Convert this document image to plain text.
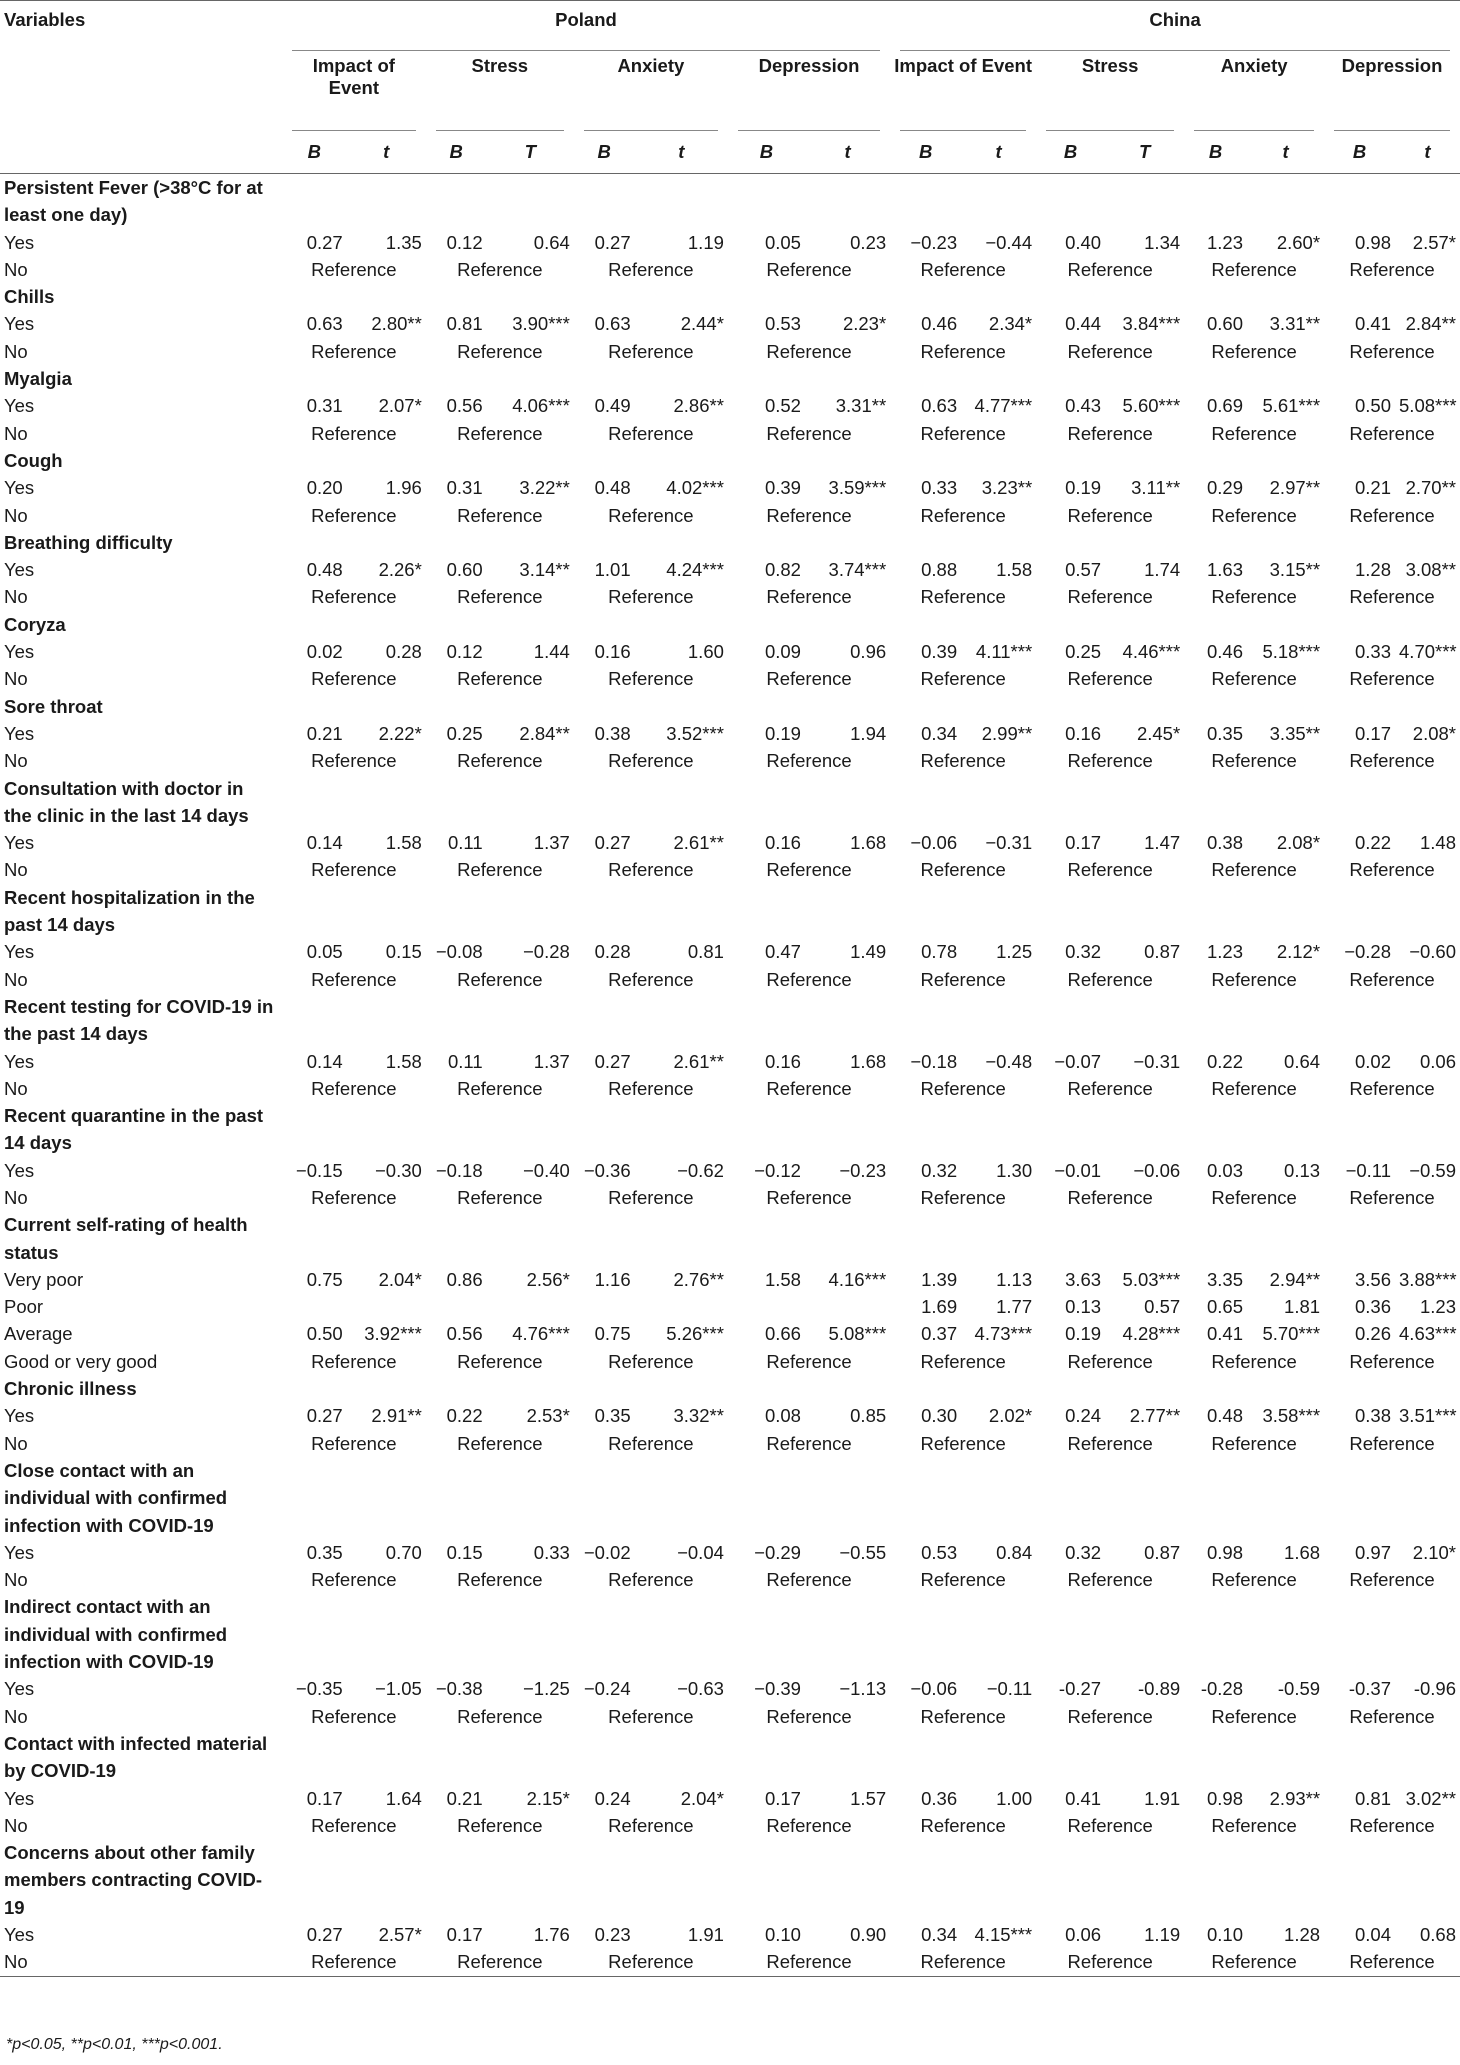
Variables	Poland								China							
	Impact of Event		Stress		Anxiety		Depression		Impact of Event		Stress		Anxiety		Depression	
	B	t	B	T	B	t	B	t	B	t	B	T	B	t	B	t

Persistent Fever (>38°C for at least one day)																

Yes	0.27	1.35	0.12	0.64	0.27	1.19	0.05	0.23	−0.23	−0.44	0.40	1.34	1.23	2.60*	0.98	2.57*
No	Reference		Reference		Reference		Reference		Reference		Reference		Reference		Reference	

Chills																

Yes	0.63	2.80**	0.81	3.90***	0.63	2.44*	0.53	2.23*	0.46	2.34*	0.44	3.84***	0.60	3.31**	0.41	2.84**
No	Reference		Reference		Reference		Reference		Reference		Reference		Reference		Reference	

Myalgia																

Yes	0.31	2.07*	0.56	4.06***	0.49	2.86**	0.52	3.31**	0.63	4.77***	0.43	5.60***	0.69	5.61***	0.50	5.08***
No	Reference		Reference		Reference		Reference		Reference		Reference		Reference		Reference	

Cough																

Yes	0.20	1.96	0.31	3.22**	0.48	4.02***	0.39	3.59***	0.33	3.23**	0.19	3.11**	0.29	2.97**	0.21	2.70**
No	Reference		Reference		Reference		Reference		Reference		Reference		Reference		Reference	

Breathing difficulty																

Yes	0.48	2.26*	0.60	3.14**	1.01	4.24***	0.82	3.74***	0.88	1.58	0.57	1.74	1.63	3.15**	1.28	3.08**
No	Reference		Reference		Reference		Reference		Reference		Reference		Reference		Reference	

Coryza																

Yes	0.02	0.28	0.12	1.44	0.16	1.60	0.09	0.96	0.39	4.11***	0.25	4.46***	0.46	5.18***	0.33	4.70***
No	Reference		Reference		Reference		Reference		Reference		Reference		Reference		Reference	

Sore throat																

Yes	0.21	2.22*	0.25	2.84**	0.38	3.52***	0.19	1.94	0.34	2.99**	0.16	2.45*	0.35	3.35**	0.17	2.08*
No	Reference		Reference		Reference		Reference		Reference		Reference		Reference		Reference	

Consultation with doctor in the clinic in the last 14 days																

Yes	0.14	1.58	0.11	1.37	0.27	2.61**	0.16	1.68	−0.06	−0.31	0.17	1.47	0.38	2.08*	0.22	1.48
No	Reference		Reference		Reference		Reference		Reference		Reference		Reference		Reference	

Recent hospitalization in the past 14 days																

Yes	0.05	0.15	−0.08	−0.28	0.28	0.81	0.47	1.49	0.78	1.25	0.32	0.87	1.23	2.12*	−0.28	−0.60
No	Reference		Reference		Reference		Reference		Reference		Reference		Reference		Reference	

Recent testing for COVID-19 in the past 14 days																

Yes	0.14	1.58	0.11	1.37	0.27	2.61**	0.16	1.68	−0.18	−0.48	−0.07	−0.31	0.22	0.64	0.02	0.06
No	Reference		Reference		Reference		Reference		Reference		Reference		Reference		Reference	

Recent quarantine in the past 14 days																

Yes	−0.15	−0.30	−0.18	−0.40	−0.36	−0.62	−0.12	−0.23	0.32	1.30	−0.01	−0.06	0.03	0.13	−0.11	−0.59
No	Reference		Reference		Reference		Reference		Reference		Reference		Reference		Reference	

Current self-rating of health status																

Very poor	0.75	2.04*	0.86	2.56*	1.16	2.76**	1.58	4.16***	1.39	1.13	3.63	5.03***	3.35	2.94**	3.56	3.88***
Poor									1.69	1.77	0.13	0.57	0.65	1.81	0.36	1.23
Average	0.50	3.92***	0.56	4.76***	0.75	5.26***	0.66	5.08***	0.37	4.73***	0.19	4.28***	0.41	5.70***	0.26	4.63***
Good or very good	Reference		Reference		Reference		Reference		Reference		Reference		Reference		Reference	

Chronic illness																

Yes	0.27	2.91**	0.22	2.53*	0.35	3.32**	0.08	0.85	0.30	2.02*	0.24	2.77**	0.48	3.58***	0.38	3.51***
No	Reference		Reference		Reference		Reference		Reference		Reference		Reference		Reference	

Close contact with an individual with confirmed infection with COVID-19																

Yes	0.35	0.70	0.15	0.33	−0.02	−0.04	−0.29	−0.55	0.53	0.84	0.32	0.87	0.98	1.68	0.97	2.10*
No	Reference		Reference		Reference		Reference		Reference		Reference		Reference		Reference	

Indirect contact with an individual with confirmed infection with COVID-19																

Yes	−0.35	−1.05	−0.38	−1.25	−0.24	−0.63	−0.39	−1.13	−0.06	−0.11	-0.27	-0.89	-0.28	-0.59	-0.37	-0.96
No	Reference		Reference		Reference		Reference		Reference		Reference		Reference		Reference	

Contact with infected material by COVID-19																

Yes	0.17	1.64	0.21	2.15*	0.24	2.04*	0.17	1.57	0.36	1.00	0.41	1.91	0.98	2.93**	0.81	3.02**
No	Reference		Reference		Reference		Reference		Reference		Reference		Reference		Reference	

Concerns about other family members contracting COVID-19																

Yes	0.27	2.57*	0.17	1.76	0.23	1.91	0.10	0.90	0.34	4.15***	0.06	1.19	0.10	1.28	0.04	0.68
No	Reference		Reference		Reference		Reference		Reference		Reference		Reference		Reference	
*p<0.05, **p<0.01, ***p<0.001.
